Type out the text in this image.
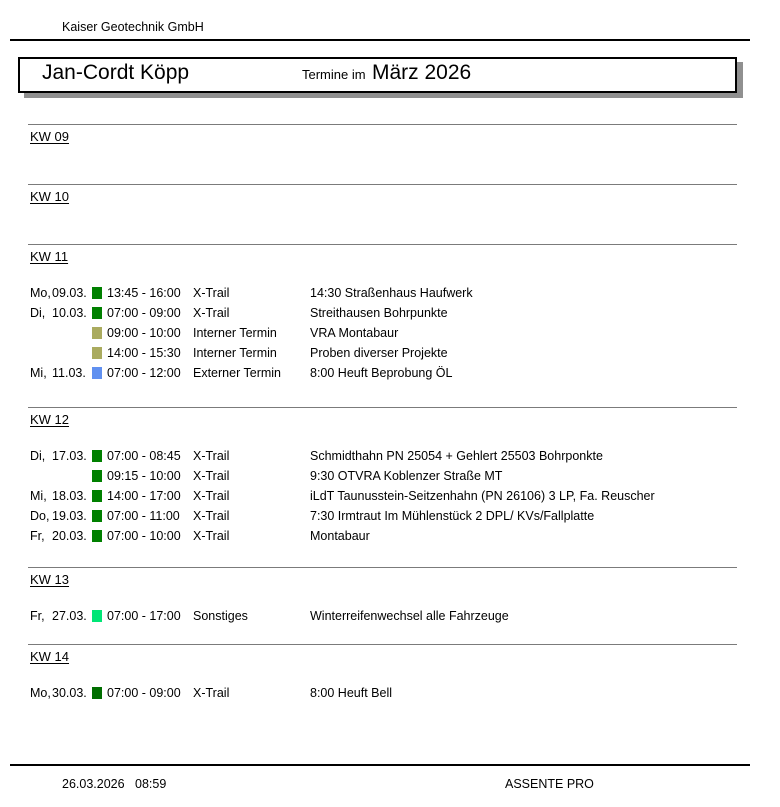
Kaiser Geotechnik GmbH
Jan-Cordt Köpp	Termine im März 2026
KW 09
KW 10
KW 11
Mo, 09.03.	13:45 - 16:00 X-Trail	14:30 Straßenhaus Haufwerk
Di, 10.03.	07:00 - 09:00 X-Trail	Streithausen Bohrpunkte
09:00 - 10:00 Interner Termin	VRA Montabaur
14:00 - 15:30 Interner Termin	Proben diverser Projekte
Mi, 11.03.	07:00 - 12:00 Externer Termin	8:00 Heuft Beprobung ÖL
KW 12
Di, 17.03.	07:00 - 08:45 X-Trail	Schmidthahn PN 25054 + Gehlert 25503 Bohrponkte
09:15 - 10:00 X-Trail	9:30 OTVRA Koblenzer Straße MT
Mi, 18.03.	14:00 - 17:00 X-Trail	iLdT Taunusstein-Seitzenhahn (PN 26106) 3 LP, Fa. Reuscher
Do, 19.03.	07:00 - 11:00	X-Trail	7:30 Irmtraut Im Mühlenstück 2 DPL/ KVs/Fallplatte
Fr, 20.03.	07:00 - 10:00 X-Trail	Montabaur
KW 13
Fr, 27.03.	07:00 - 17:00 Sonstiges	Winterreifenwechsel alle Fahrzeuge
KW 14
Mo, 30.03.	07:00 - 09:00 X-Trail	8:00 Heuft Bell
26.03.2026 08:59	ASSENTE PRO
